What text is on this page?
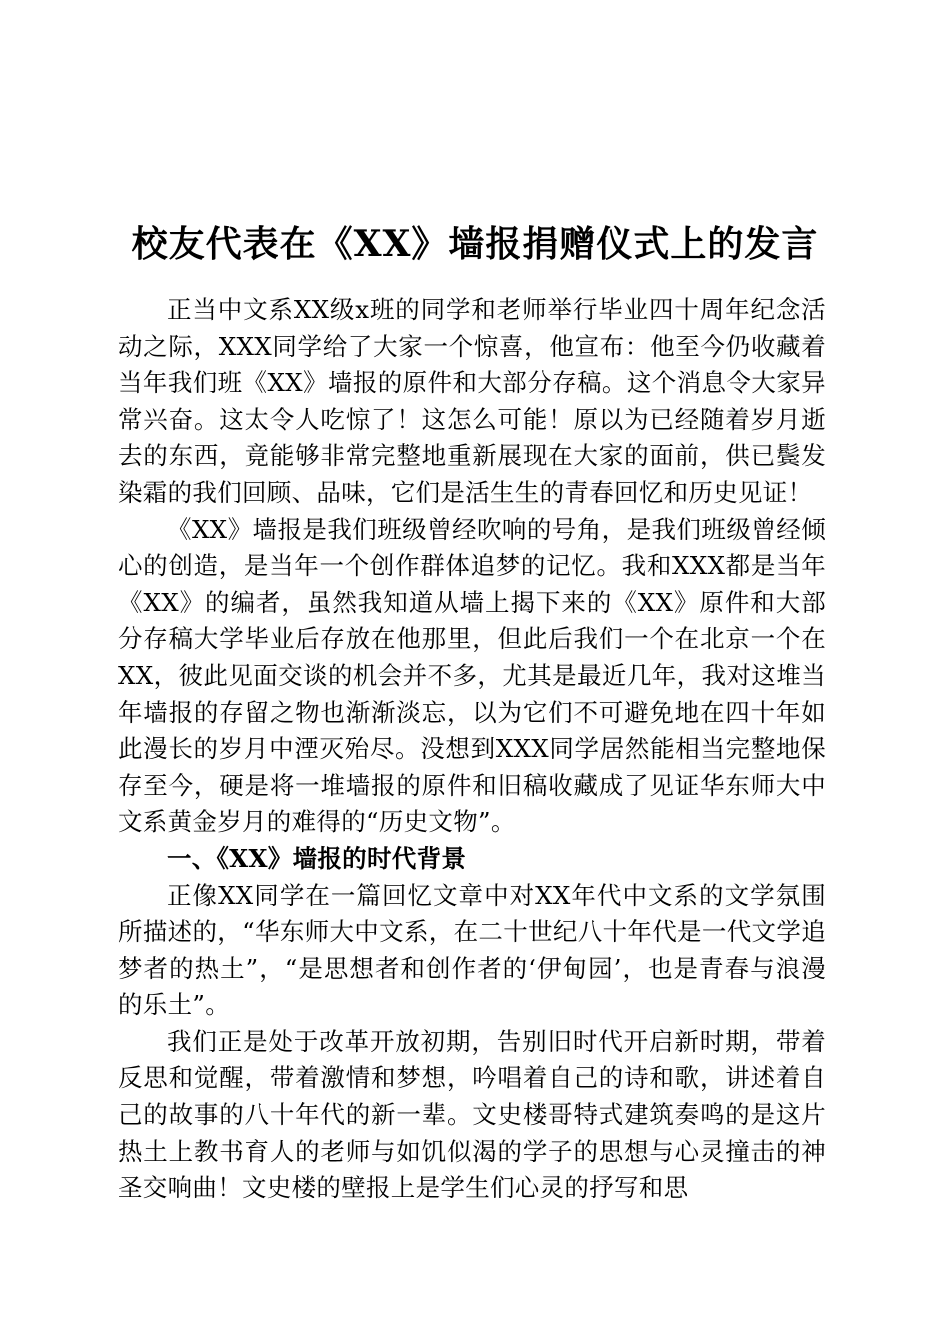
校友代表在《XX》墙报捐赠仪式上的发言

正当中文系XX级x班的同学和老师举行毕业四十周年纪念活动之际，XXX同学给了大家一个惊喜，他宣布：他至今仍收藏着当年我们班《XX》墙报的原件和大部分存稿。这个消息令大家异常兴奋。这太令人吃惊了！这怎么可能！原以为已经随着岁月逝去的东西，竟能够非常完整地重新展现在大家的面前，供已鬓发染霜的我们回顾、品味，它们是活生生的青春回忆和历史见证！

《XX》墙报是我们班级曾经吹响的号角，是我们班级曾经倾心的创造，是当年一个创作群体追梦的记忆。我和XXX都是当年《XX》的编者，虽然我知道从墙上揭下来的《XX》原件和大部分存稿大学毕业后存放在他那里，但此后我们一个在北京一个在XX，彼此见面交谈的机会并不多，尤其是最近几年，我对这堆当年墙报的存留之物也渐渐淡忘，以为它们不可避免地在四十年如此漫长的岁月中湮灭殆尽。没想到XXX同学居然能相当完整地保存至今，硬是将一堆墙报的原件和旧稿收藏成了见证华东师大中文系黄金岁月的难得的“历史文物”。

一、《XX》墙报的时代背景

正像XX同学在一篇回忆文章中对XX年代中文系的文学氛围所描述的，“华东师大中文系，在二十世纪八十年代是一代文学追梦者的热土”，“是思想者和创作者的‘伊甸园’，也是青春与浪漫的乐土”。

我们正是处于改革开放初期，告别旧时代开启新时期，带着反思和觉醒，带着激情和梦想，吟唱着自己的诗和歌，讲述着自己的故事的八十年代的新一辈。文史楼哥特式建筑奏鸣的是这片热土上教书育人的老师与如饥似渴的学子的思想与心灵撞击的神圣交响曲！文史楼的壁报上是学生们心灵的抒写和思
